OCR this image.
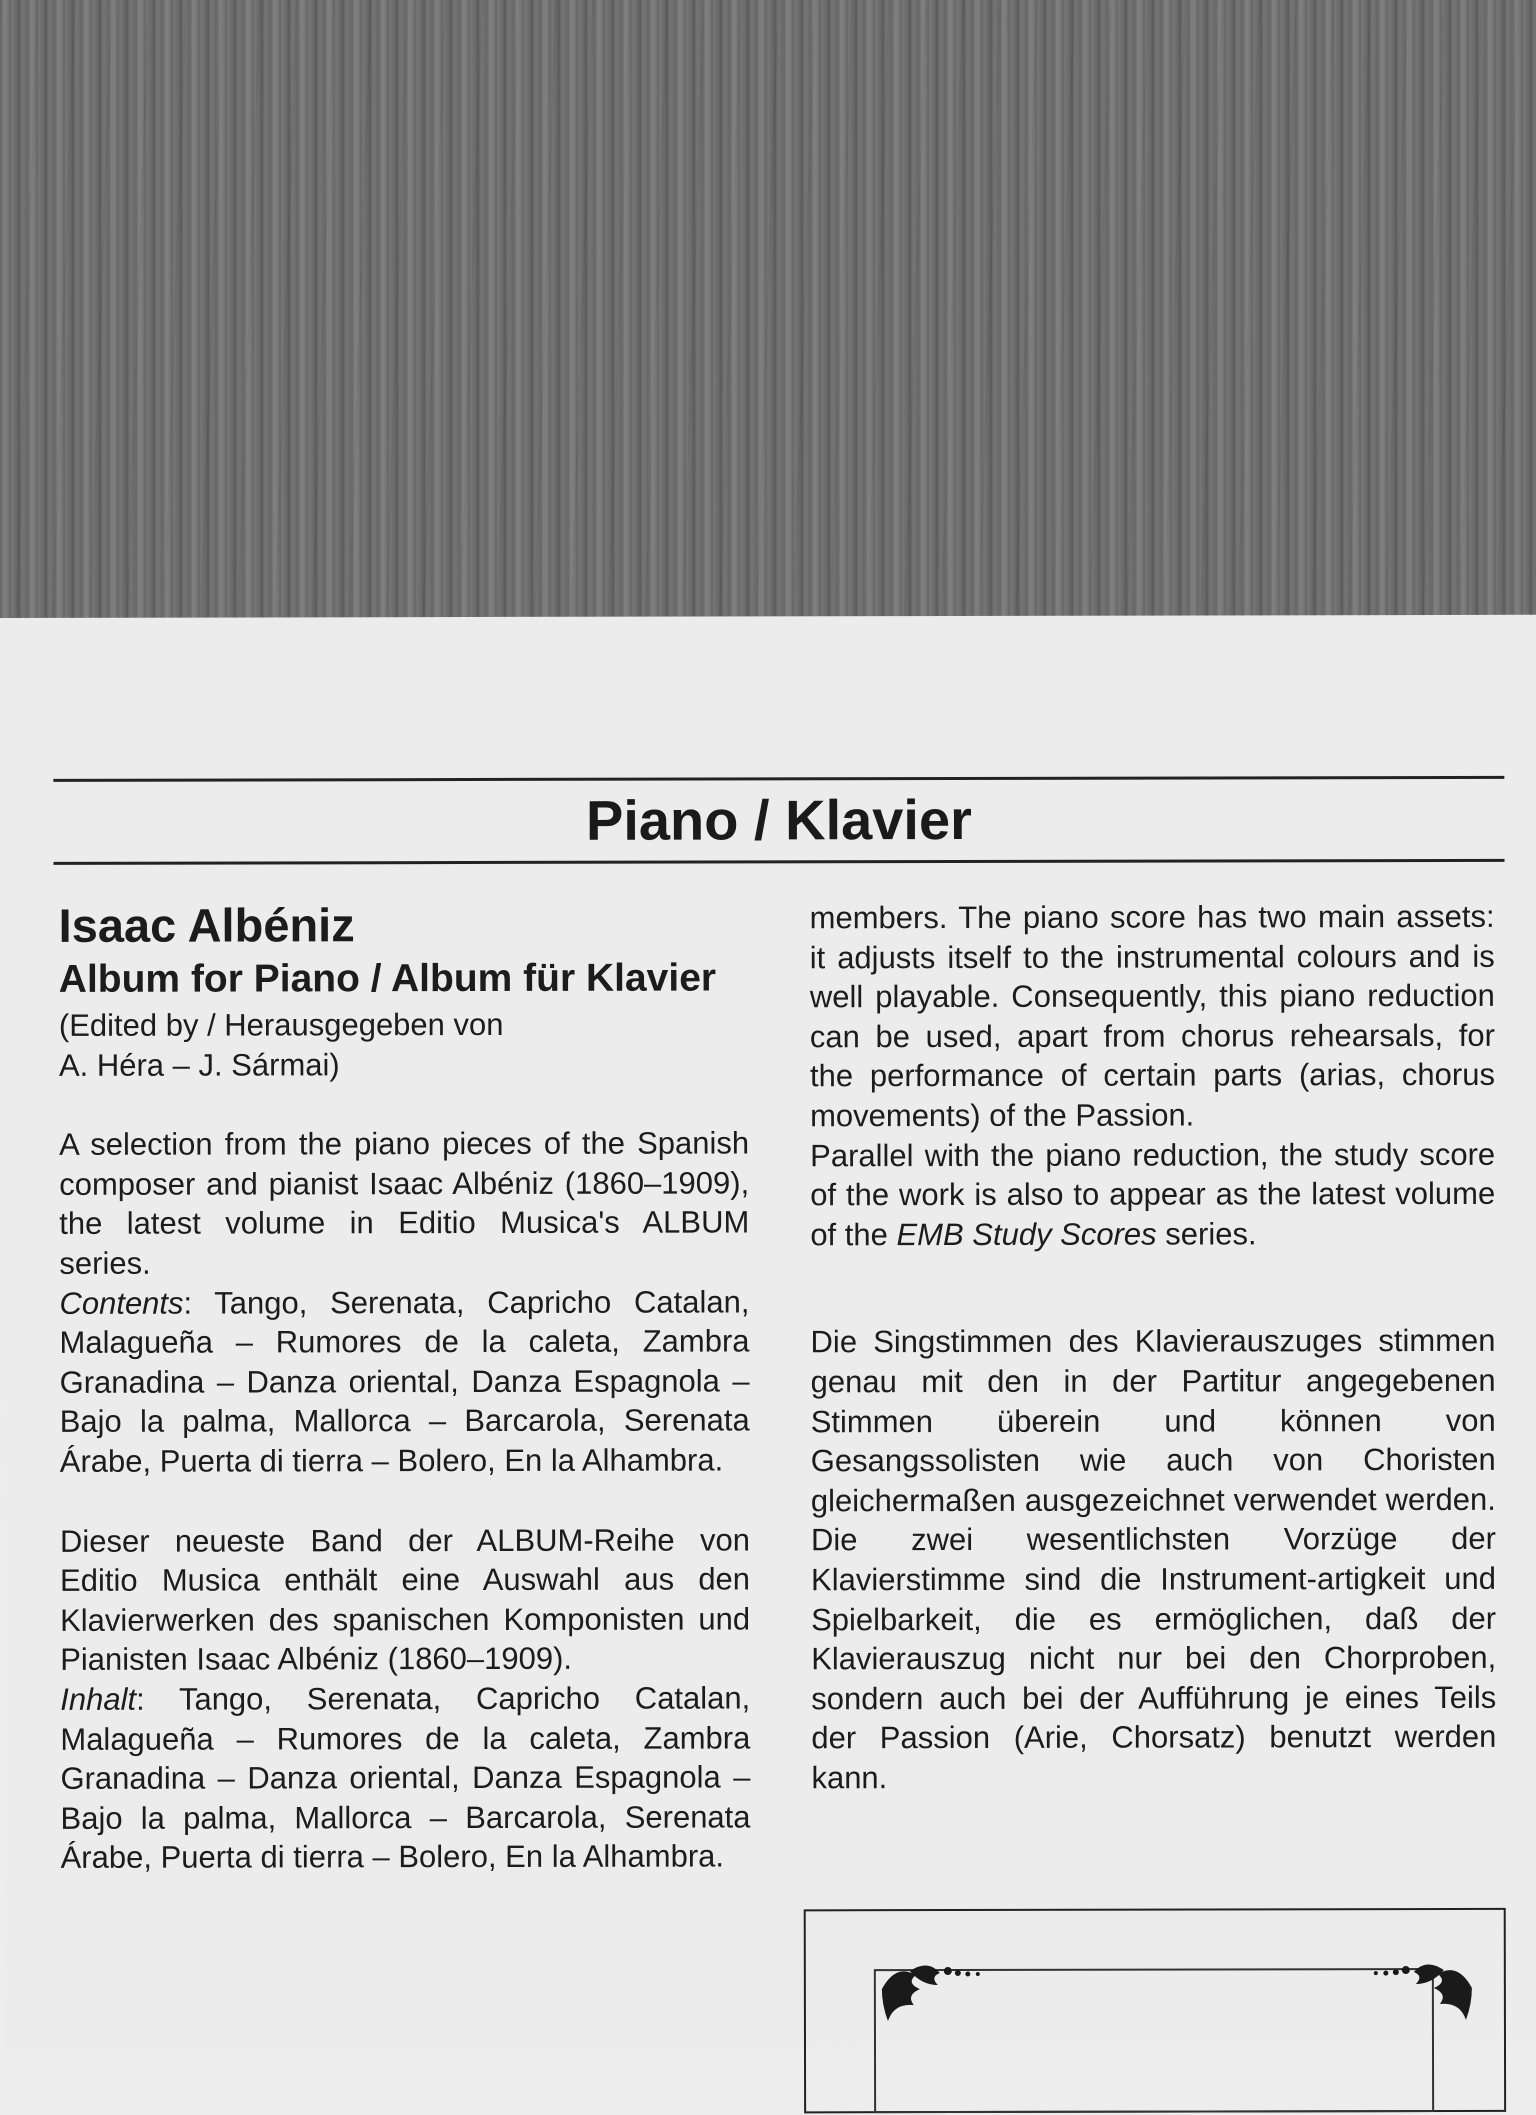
Piano / Klavier
Isaac Albéniz
Album for Piano / Album für Klavier
(Edited by / Herausgegeben von
A. Héra – J. Sármai)

A selection from the piano pieces of the Spanish composer and pianist Isaac Albéniz (1860–1909), the latest volume in Editio Musica's ALBUM series.

Contents: Tango, Serenata, Capricho Catalan, Malagueña – Rumores de la caleta, Zambra Granadina – Danza oriental, Danza Espagnola – Bajo la palma, Mallorca – Barcarola, Serenata Árabe, Puerta di tierra – Bolero, En la Alhambra.

Dieser neueste Band der ALBUM-Reihe von Editio Musica enthält eine Auswahl aus den Klavierwerken des spanischen Komponisten und Pianisten Isaac Albéniz (1860–1909).

Inhalt: Tango, Serenata, Capricho Catalan, Malagueña – Rumores de la caleta, Zambra Granadina – Danza oriental, Danza Espagnola – Bajo la palma, Mallorca – Barcarola, Serenata Árabe, Puerta di tierra – Bolero, En la Alhambra.

members. The piano score has two main assets: it adjusts itself to the instrumental colours and is well playable. Consequently, this piano reduction can be used, apart from chorus rehearsals, for the performance of certain parts (arias, chorus movements) of the Passion.

Parallel with the piano reduction, the study score of the work is also to appear as the latest volume of the EMB Study Scores series.

Die Singstimmen des Klavierauszuges stimmen genau mit den in der Partitur angegebenen Stimmen überein und können von Gesangssolisten wie auch von Choristen gleichermaßen ausgezeichnet verwendet werden. Die zwei wesentlichsten Vorzüge der Klavierstimme sind die Instrument-artigkeit und Spielbarkeit, die es ermöglichen, daß der Klavierauszug nicht nur bei den Chorproben, sondern auch bei der Aufführung je eines Teils der Passion (Arie, Chorsatz) benutzt werden kann.
